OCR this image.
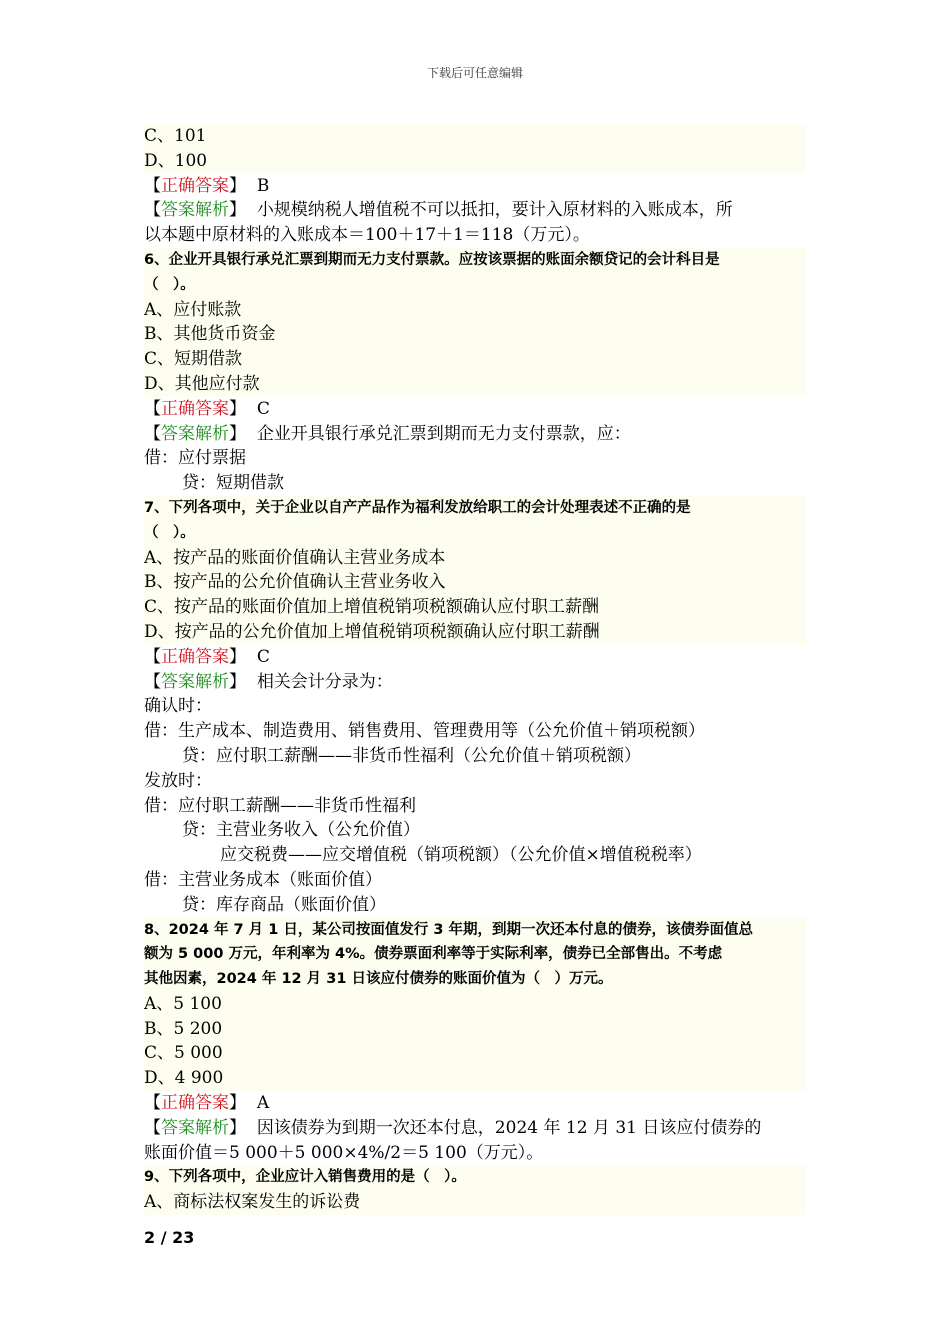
下载后可任意编辑
C、101
D、100
【正确答案】 B
【答案解析】 小规模纳税人增值税不可以抵扣，要计入原材料的入账成本，所
以本题中原材料的入账成本＝100＋17＋1＝118（万元）。
6、企业开具银行承兑汇票到期而无力支付票款。应按该票据的账面余额贷记的会计科目是
（　）。
A、应付账款
B、其他货币资金
C、短期借款
D、其他应付款
【正确答案】 C
【答案解析】 企业开具银行承兑汇票到期而无力支付票款，应：
借：应付票据
贷：短期借款
7、下列各项中，关于企业以自产产品作为福利发放给职工的会计处理表述不正确的是
（　）。
A、按产品的账面价值确认主营业务成本
B、按产品的公允价值确认主营业务收入
C、按产品的账面价值加上增值税销项税额确认应付职工薪酬
D、按产品的公允价值加上增值税销项税额确认应付职工薪酬
【正确答案】 C
【答案解析】 相关会计分录为：
确认时：
借：生产成本、制造费用、销售费用、管理费用等（公允价值＋销项税额）
贷：应付职工薪酬——非货币性福利（公允价值＋销项税额）
发放时：
借：应付职工薪酬——非货币性福利
贷：主营业务收入（公允价值）
应交税费——应交增值税（销项税额）（公允价值×增值税税率）
借：主营业务成本（账面价值）
贷：库存商品（账面价值）
8、2024 年 7 月 1 日，某公司按面值发行 3 年期，到期一次还本付息的债券，该债券面值总
额为 5 000 万元，年利率为 4%。债券票面利率等于实际利率，债券已全部售出。不考虑
其他因素，2024 年 12 月 31 日该应付债券的账面价值为（　）万元。
A、5 100
B、5 200
C、5 000
D、4 900
【正确答案】 A
【答案解析】 因该债券为到期一次还本付息，2024 年 12 月 31 日该应付债券的
账面价值＝5 000＋5 000×4%/2＝5 100（万元）。
9、下列各项中，企业应计入销售费用的是（　）。
A、商标法权案发生的诉讼费
2 / 23
